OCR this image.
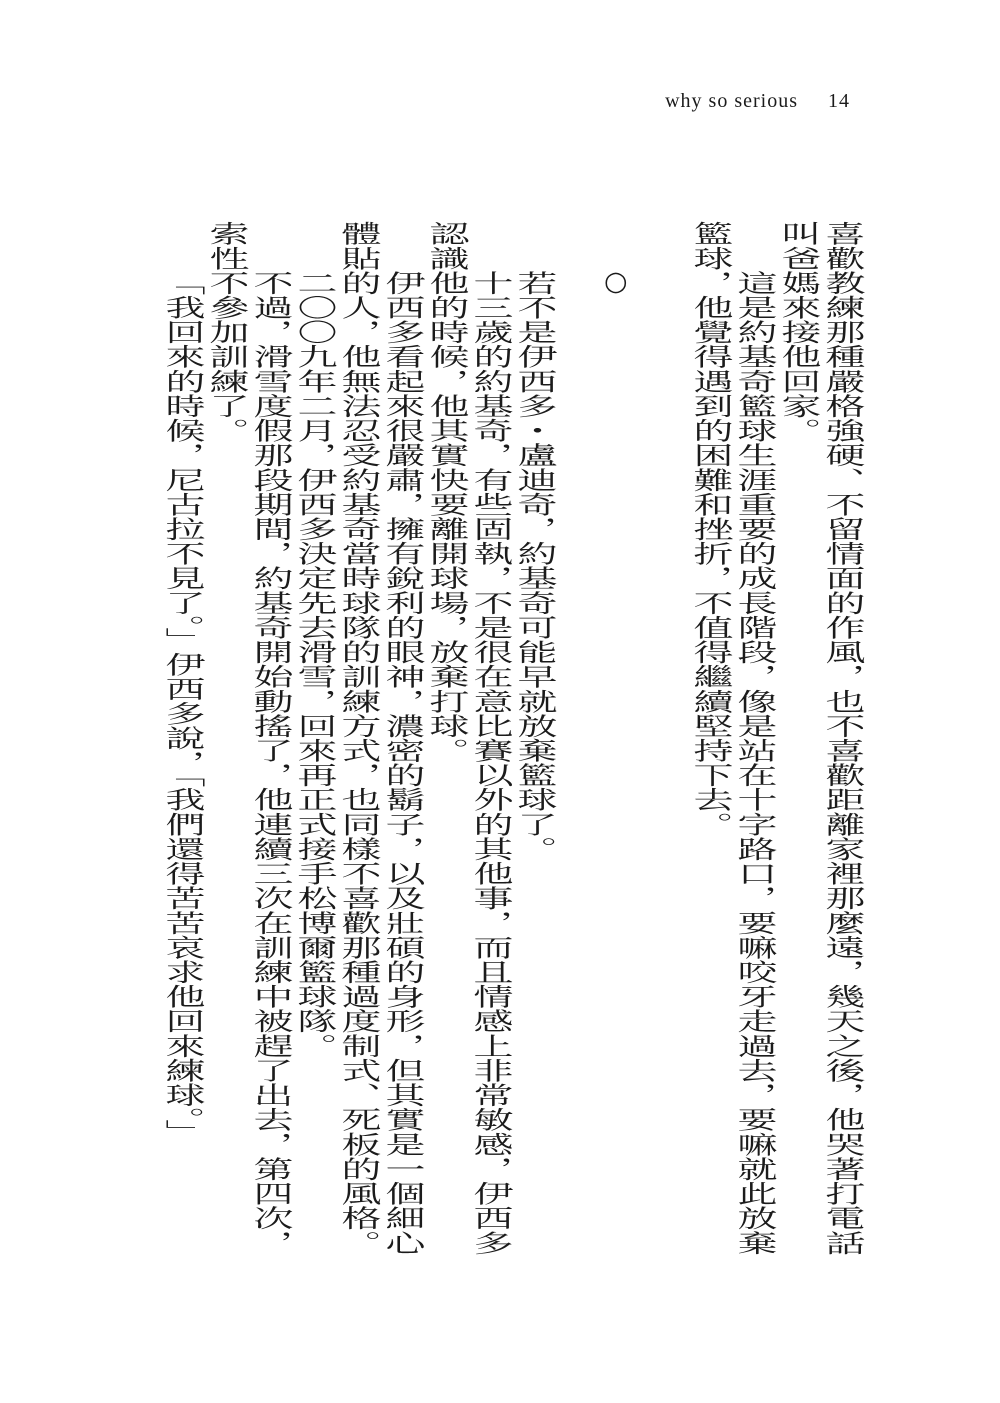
why so serious 14
○	喜歡教練那種嚴格強硬、不留情面的作風，也不喜歡距離家裡那麼遠，幾天之後，他哭著打電話叫爸媽來接他回家。

這是約基奇籃球生涯重要的成長階段，像是站在十字路口，要嘛咬牙走過去，要嘛就此放棄籃球，他覺得遇到的困難和挫折，不值得繼續堅持下去。

若不是伊西多・盧迪奇，約基奇可能早就放棄籃球了。

十三歲的約基奇，有些固執，不是很在意比賽以外的其他事，而且情感上非常敏感，伊西多認識他的時候，他其實快要離開球場，放棄打球。

伊西多看起來很嚴肅，擁有銳利的眼神，濃密的鬍子，以及壯碩的身形，但其實是一個細心體貼的人，他無法忍受約基奇當時球隊的訓練方式，也同樣不喜歡那種過度制式、死板的風格。

二〇〇九年二月，伊西多決定先去滑雪，回來再正式接手松博爾籃球隊。

不過，滑雪度假那段期間，約基奇開始動搖了，他連續三次在訓練中被趕了出去，第四次，索性不參加訓練了。

「我回來的時候，尼古拉不見了。」伊西多說，「我們還得苦苦哀求他回來練球。」
